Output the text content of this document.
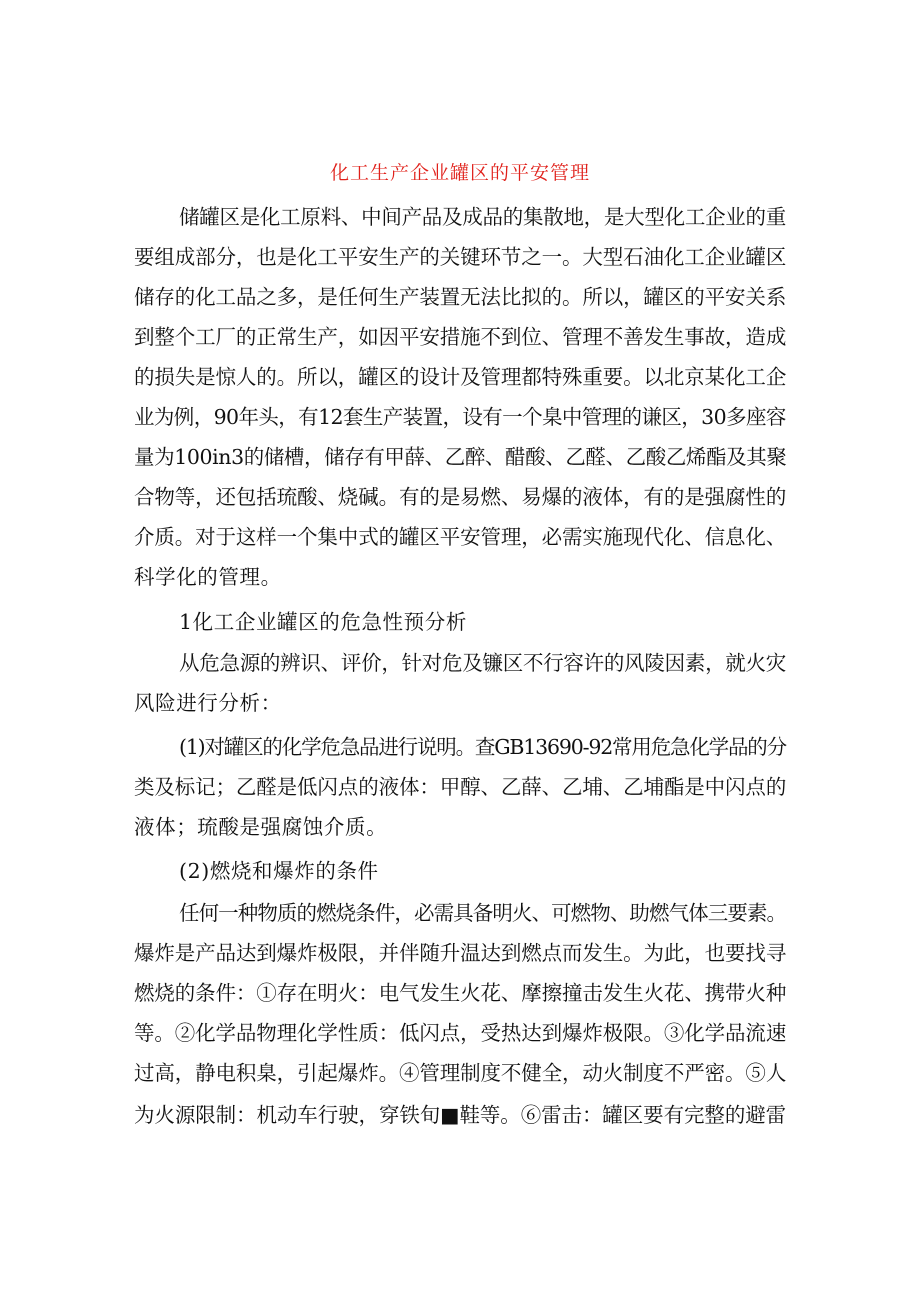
化工生产企业罐区的平安管理
储罐区是化工原料、中间产品及成品的集散地，是大型化工企业的重
要组成部分，也是化工平安生产的关键环节之一。大型石油化工企业罐区
储存的化工品之多，是任何生产装置无法比拟的。所以，罐区的平安关系
到整个工厂的正常生产，如因平安措施不到位、管理不善发生事故，造成
的损失是惊人的。所以，罐区的设计及管理都特殊重要。以北京某化工企
业为例，90年头，有12套生产装置，设有一个臬中管理的谦区，30多座容
量为100in3的储槽，储存有甲薛、乙醉、醋酸、乙醛、乙酸乙烯酯及其聚
合物等，还包括琉酸、烧碱。有的是易燃、易爆的液体，有的是强腐性的
介质。对于这样一个集中式的罐区平安管理，必需实施现代化、信息化、
科学化的管理。
1化工企业罐区的危急性预分析
从危急源的辨识、评价，针对危及镰区不行容许的风陵因素，就火灾
风险进行分析：
(1)对罐区的化学危急品进行说明。查GB13690-92常用危急化学品的分
类及标记；乙醛是低闪点的液体：甲醇、乙薛、乙埔、乙埔酯是中闪点的
液体；琉酸是强腐蚀介质。
(2)燃烧和爆炸的条件
任何一种物质的燃烧条件，必需具备明火、可燃物、助燃气体三要素。
爆炸是产品达到爆炸极限，并伴随升温达到燃点而发生。为此，也要找寻
燃烧的条件：①存在明火：电气发生火花、摩擦撞击发生火花、携带火种
等。②化学品物理化学性质：低闪点，受热达到爆炸极限。③化学品流速
过高，静电积臬，引起爆炸。④管理制度不健全，动火制度不严密。⑤人
为火源限制：机动车行驶，穿铁旬■鞋等。⑥雷击：罐区要有完整的避雷
